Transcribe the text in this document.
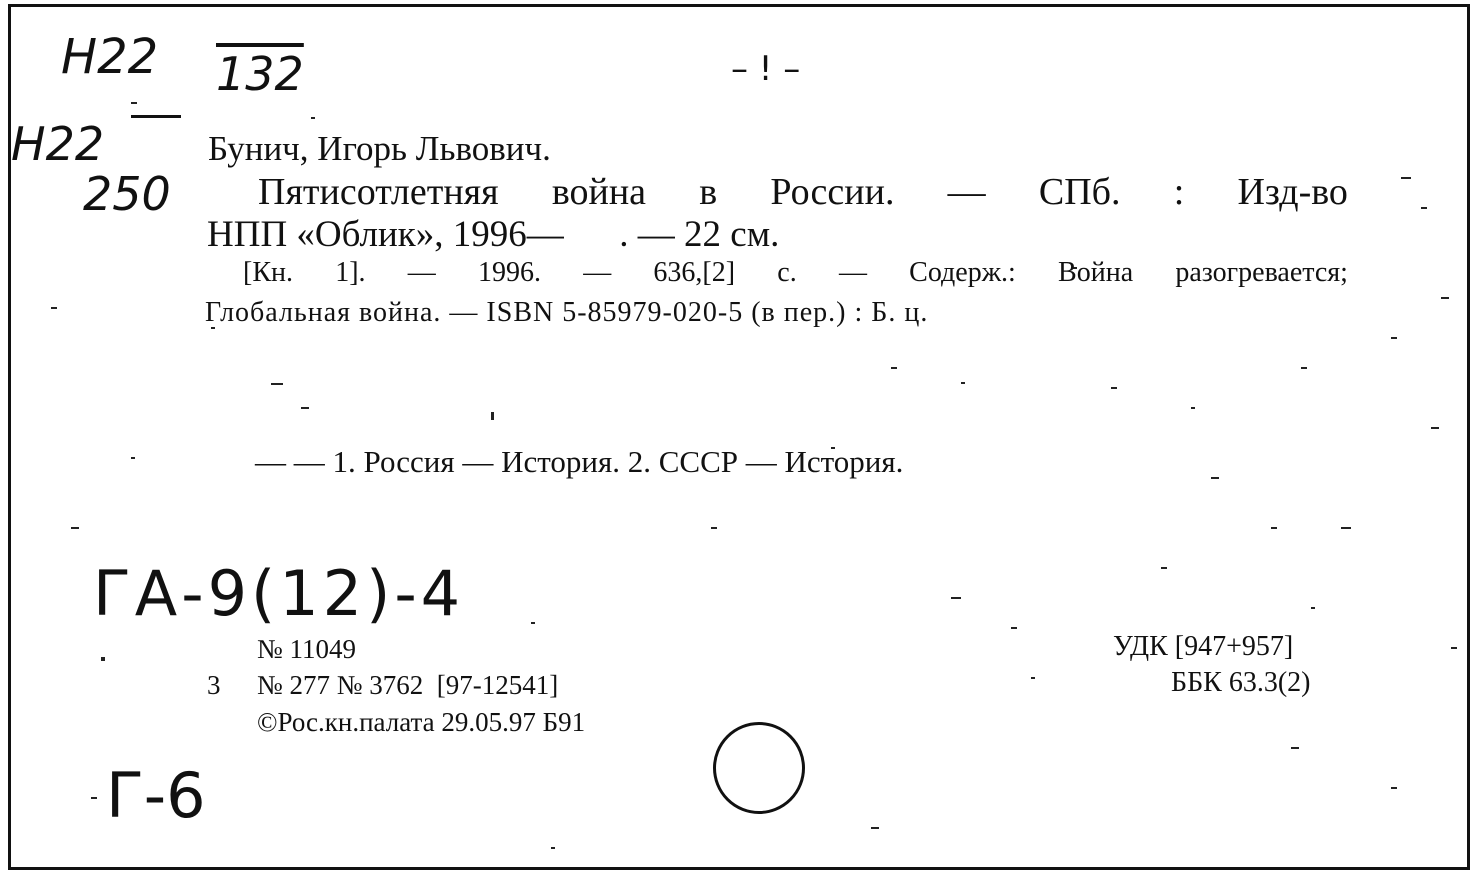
Н22 132	– ! –
Н22
250
Бунич, Игорь Львович.
Пятисотлетняя война в России. — СПб. : Изд-во
НПП «Облик», 1996—      . — 22 см.
[Кн. 1]. — 1996. — 636,[2] с. — Содерж.: Война разогревается;
Глобальная война. — ISBN 5-85979-020-5 (в пер.) : Б. ц.
— — 1. Россия — История. 2. СССР — История.
ГА-9(12)-4
№ 11049
3 № 277 № 3762  [97-12541]
©Рос.кн.палата 29.05.97 Б91
УДК [947+957]
ББК 63.3(2)
Г-6
